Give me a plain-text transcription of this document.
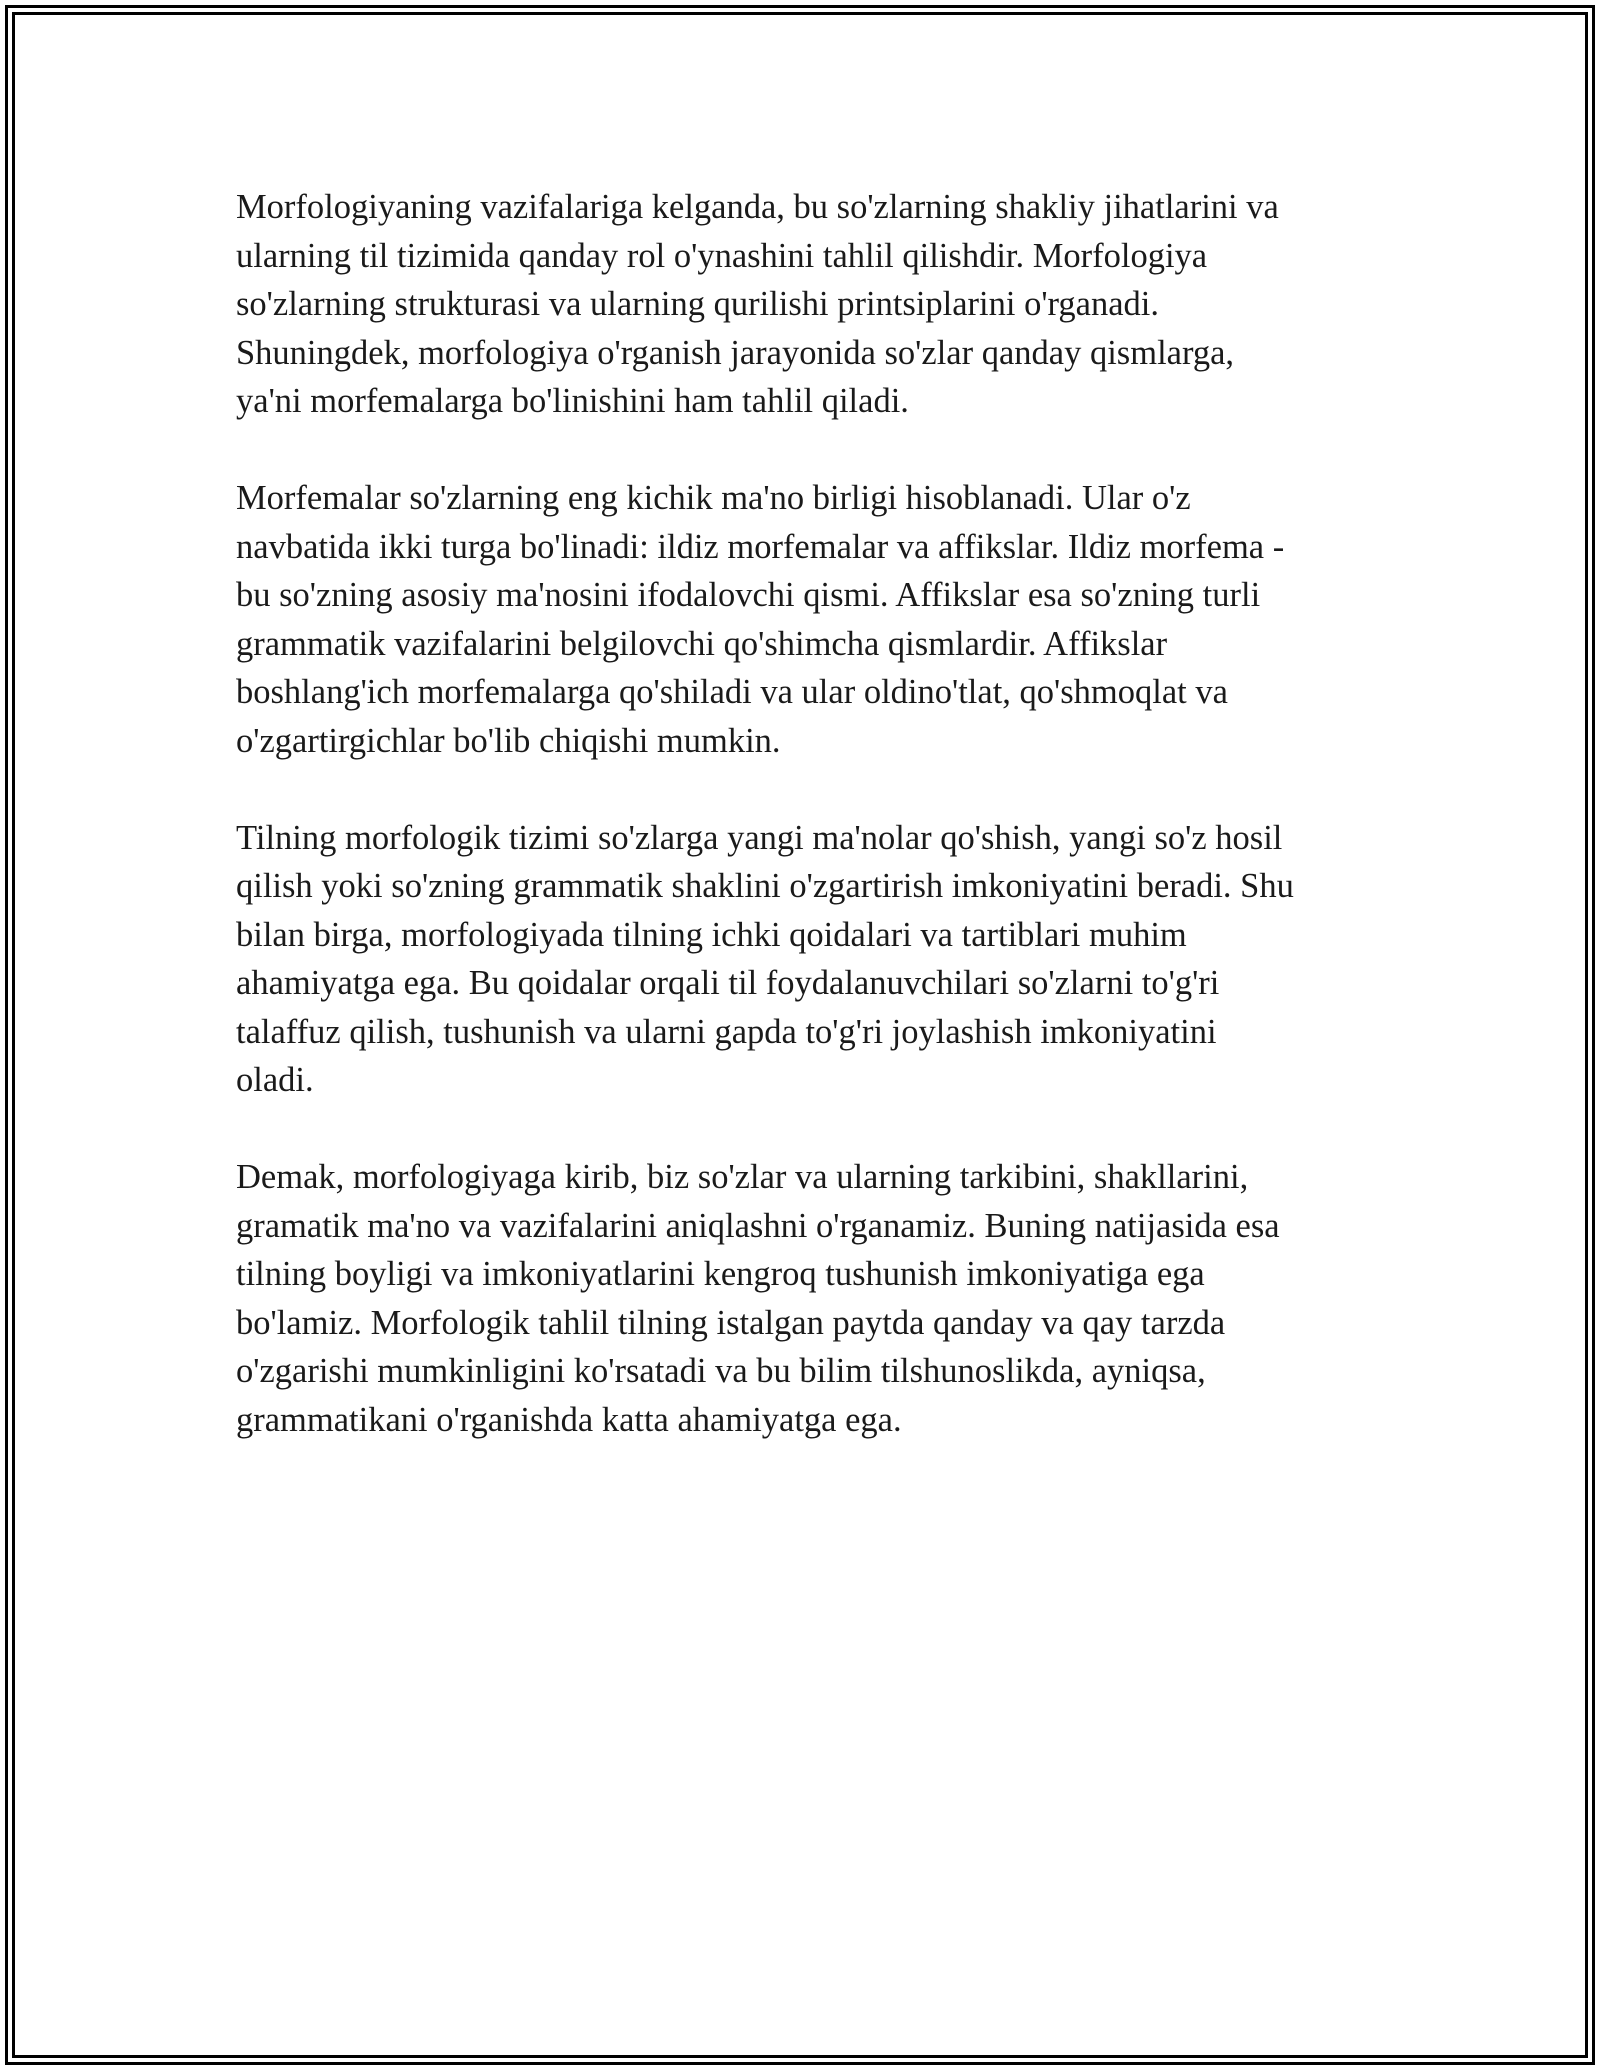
Morfologiyaning vazifalariga kelganda, bu so'zlarning shakliy jihatlarini va
ularning til tizimida qanday rol o'ynashini tahlil qilishdir. Morfologiya
so'zlarning strukturasi va ularning qurilishi printsiplarini o'rganadi.
Shuningdek, morfologiya o'rganish jarayonida so'zlar qanday qismlarga,
ya'ni morfemalarga bo'linishini ham tahlil qiladi.

Morfemalar so'zlarning eng kichik ma'no birligi hisoblanadi. Ular o'z
navbatida ikki turga bo'linadi: ildiz morfemalar va affikslar. Ildiz morfema -
bu so'zning asosiy ma'nosini ifodalovchi qismi. Affikslar esa so'zning turli
grammatik vazifalarini belgilovchi qo'shimcha qismlardir. Affikslar
boshlang'ich morfemalarga qo'shiladi va ular oldino'tlat, qo'shmoqlat va
o'zgartirgichlar bo'lib chiqishi mumkin.

Tilning morfologik tizimi so'zlarga yangi ma'nolar qo'shish, yangi so'z hosil
qilish yoki so'zning grammatik shaklini o'zgartirish imkoniyatini beradi. Shu
bilan birga, morfologiyada tilning ichki qoidalari va tartiblari muhim
ahamiyatga ega. Bu qoidalar orqali til foydalanuvchilari so'zlarni to'g'ri
talaffuz qilish, tushunish va ularni gapda to'g'ri joylashish imkoniyatini
oladi.

Demak, morfologiyaga kirib, biz so'zlar va ularning tarkibini, shakllarini,
gramatik ma'no va vazifalarini aniqlashni o'rganamiz. Buning natijasida esa
tilning boyligi va imkoniyatlarini kengroq tushunish imkoniyatiga ega
bo'lamiz. Morfologik tahlil tilning istalgan paytda qanday va qay tarzda
o'zgarishi mumkinligini ko'rsatadi va bu bilim tilshunoslikda, ayniqsa,
grammatikani o'rganishda katta ahamiyatga ega.
